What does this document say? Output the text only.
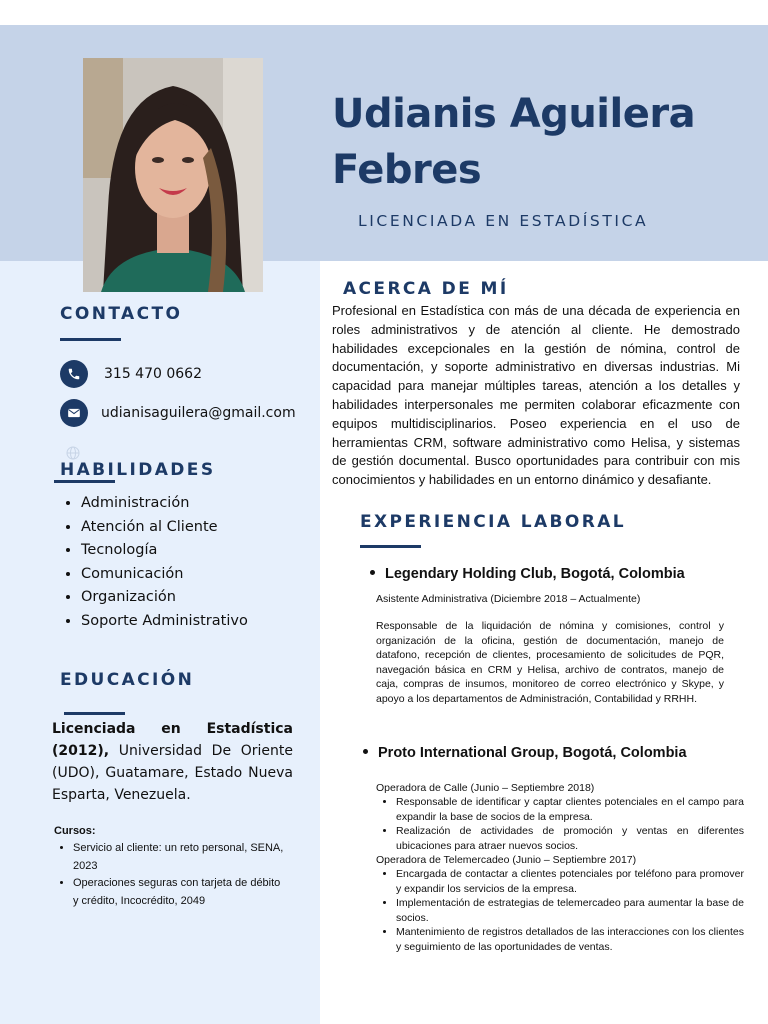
Udianis Aguilera
Febres

LICENCIADA EN ESTADÍSTICA

CONTACTO
315 470 0662
udianisaguilera@gmail.com
HABILIDADES
• Administración
• Atención al Cliente
• Tecnología
• Comunicación
• Organización
• Soporte Administrativo
EDUCACIÓN

Licenciada en Estadística (2012), Universidad De Oriente (UDO), Guatamare, Estado Nueva Esparta, Venezuela.

Cursos:

• Servicio al cliente: un reto personal, SENA, 2023
• Operaciones seguras con tarjeta de débito y crédito, Incocrédito, 2049
ACERCA DE MÍ

Profesional en Estadística con más de una década de experiencia en roles administrativos y de atención al cliente. He demostrado habilidades excepcionales en la gestión de nómina, control de documentación, y soporte administrativo en diversas industrias. Mi capacidad para manejar múltiples tareas, atención a los detalles y habilidades interpersonales me permiten colaborar eficazmente con equipos multidisciplinarios. Poseo experiencia en el uso de herramientas CRM, software administrativo como Helisa, y sistemas de gestión documental. Busco oportunidades para contribuir con mis conocimientos y habilidades en un entorno dinámico y desafiante.

EXPERIENCIA LABORAL

Legendary Holding Club, Bogotá, Colombia

Asistente Administrativa (Diciembre 2018 – Actualmente)

Responsable de la liquidación de nómina y comisiones, control y organización de la oficina, gestión de documentación, manejo de datafono, recepción de clientes, procesamiento de solicitudes de PQR, navegación básica en CRM y Helisa, archivo de contratos, manejo de caja, compras de insumos, monitoreo de correo electrónico y Skype, y apoyo a los departamentos de Administración, Contabilidad y RRHH.

Proto International Group, Bogotá, Colombia

Operadora de Calle (Junio – Septiembre 2018)

• Responsable de identificar y captar clientes potenciales en el campo para expandir la base de socios de la empresa.
• Realización de actividades de promoción y ventas en diferentes ubicaciones para atraer nuevos socios.

Operadora de Telemercadeo (Junio – Septiembre 2017)

• Encargada de contactar a clientes potenciales por teléfono para promover y expandir los servicios de la empresa.
• Implementación de estrategias de telemercadeo para aumentar la base de socios.
• Mantenimiento de registros detallados de las interacciones con los clientes y seguimiento de las oportunidades de ventas.
